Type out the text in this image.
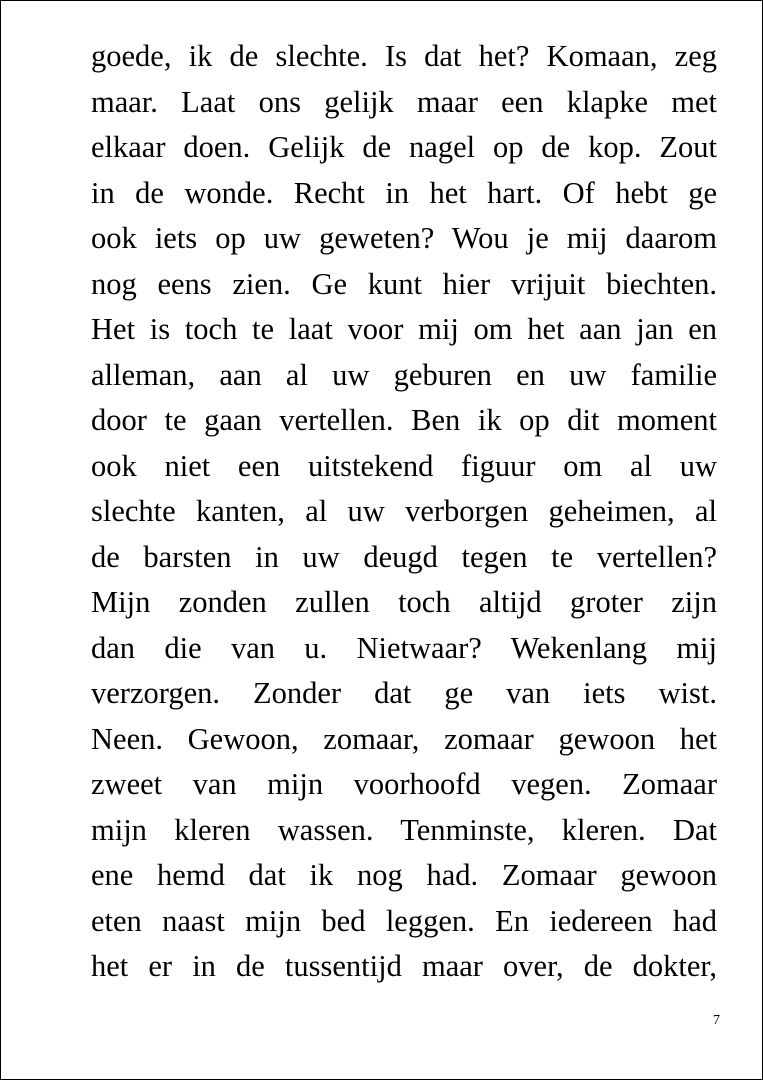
goede, ik de slechte. Is dat het? Komaan, zeg
maar. Laat ons gelijk maar een klapke met
elkaar doen. Gelijk de nagel op de kop. Zout
in de wonde. Recht in het hart. Of hebt ge
ook iets op uw geweten? Wou je mij daarom
nog eens zien. Ge kunt hier vrijuit biechten.
Het is toch te laat voor mij om het aan jan en
alleman, aan al uw geburen en uw familie
door te gaan vertellen. Ben ik op dit moment
ook niet een uitstekend figuur om al uw
slechte kanten, al uw verborgen geheimen, al
de barsten in uw deugd tegen te vertellen?
Mijn zonden zullen toch altijd groter zijn
dan die van u. Nietwaar? Wekenlang mij
verzorgen. Zonder dat ge van iets wist.
Neen. Gewoon, zomaar, zomaar gewoon het
zweet van mijn voorhoofd vegen. Zomaar
mijn kleren wassen. Tenminste, kleren. Dat
ene hemd dat ik nog had. Zomaar gewoon
eten naast mijn bed leggen. En iedereen had
het er in de tussentijd maar over, de dokter,
7
